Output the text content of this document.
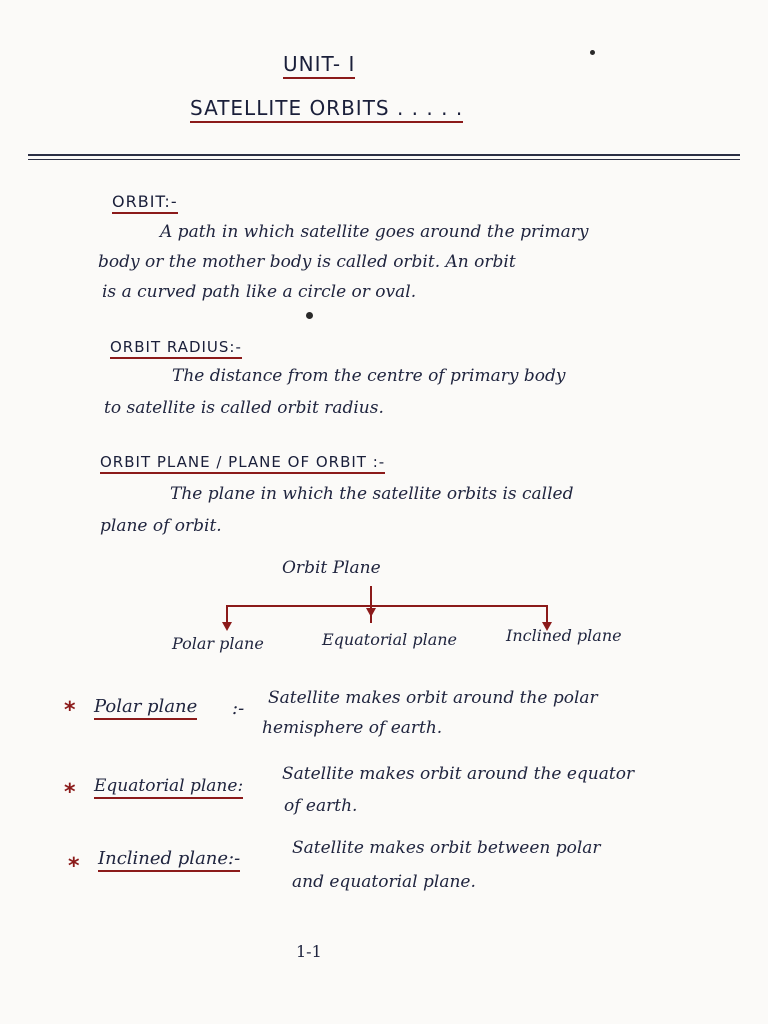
UNIT- I
SATELLITE ORBITS . . . . .
ORBIT:-
A path in which satellite goes around the primary
body or the mother body is called orbit. An orbit
is a curved path like a circle or oval.
ORBIT RADIUS:-
The distance from the centre of primary body
to satellite is called orbit radius.
ORBIT PLANE / PLANE OF ORBIT :-
The plane in which the satellite orbits is called
plane of orbit.
Orbit Plane
Polar plane	Equatorial plane	Inclined plane
* Polar plane :- Satellite makes orbit around the polar
hemisphere of earth.
* Equatorial plane:
Satellite makes orbit around the equator
of earth.
* Inclined plane:-	Satellite makes orbit between polar
and equatorial plane.
1-1
